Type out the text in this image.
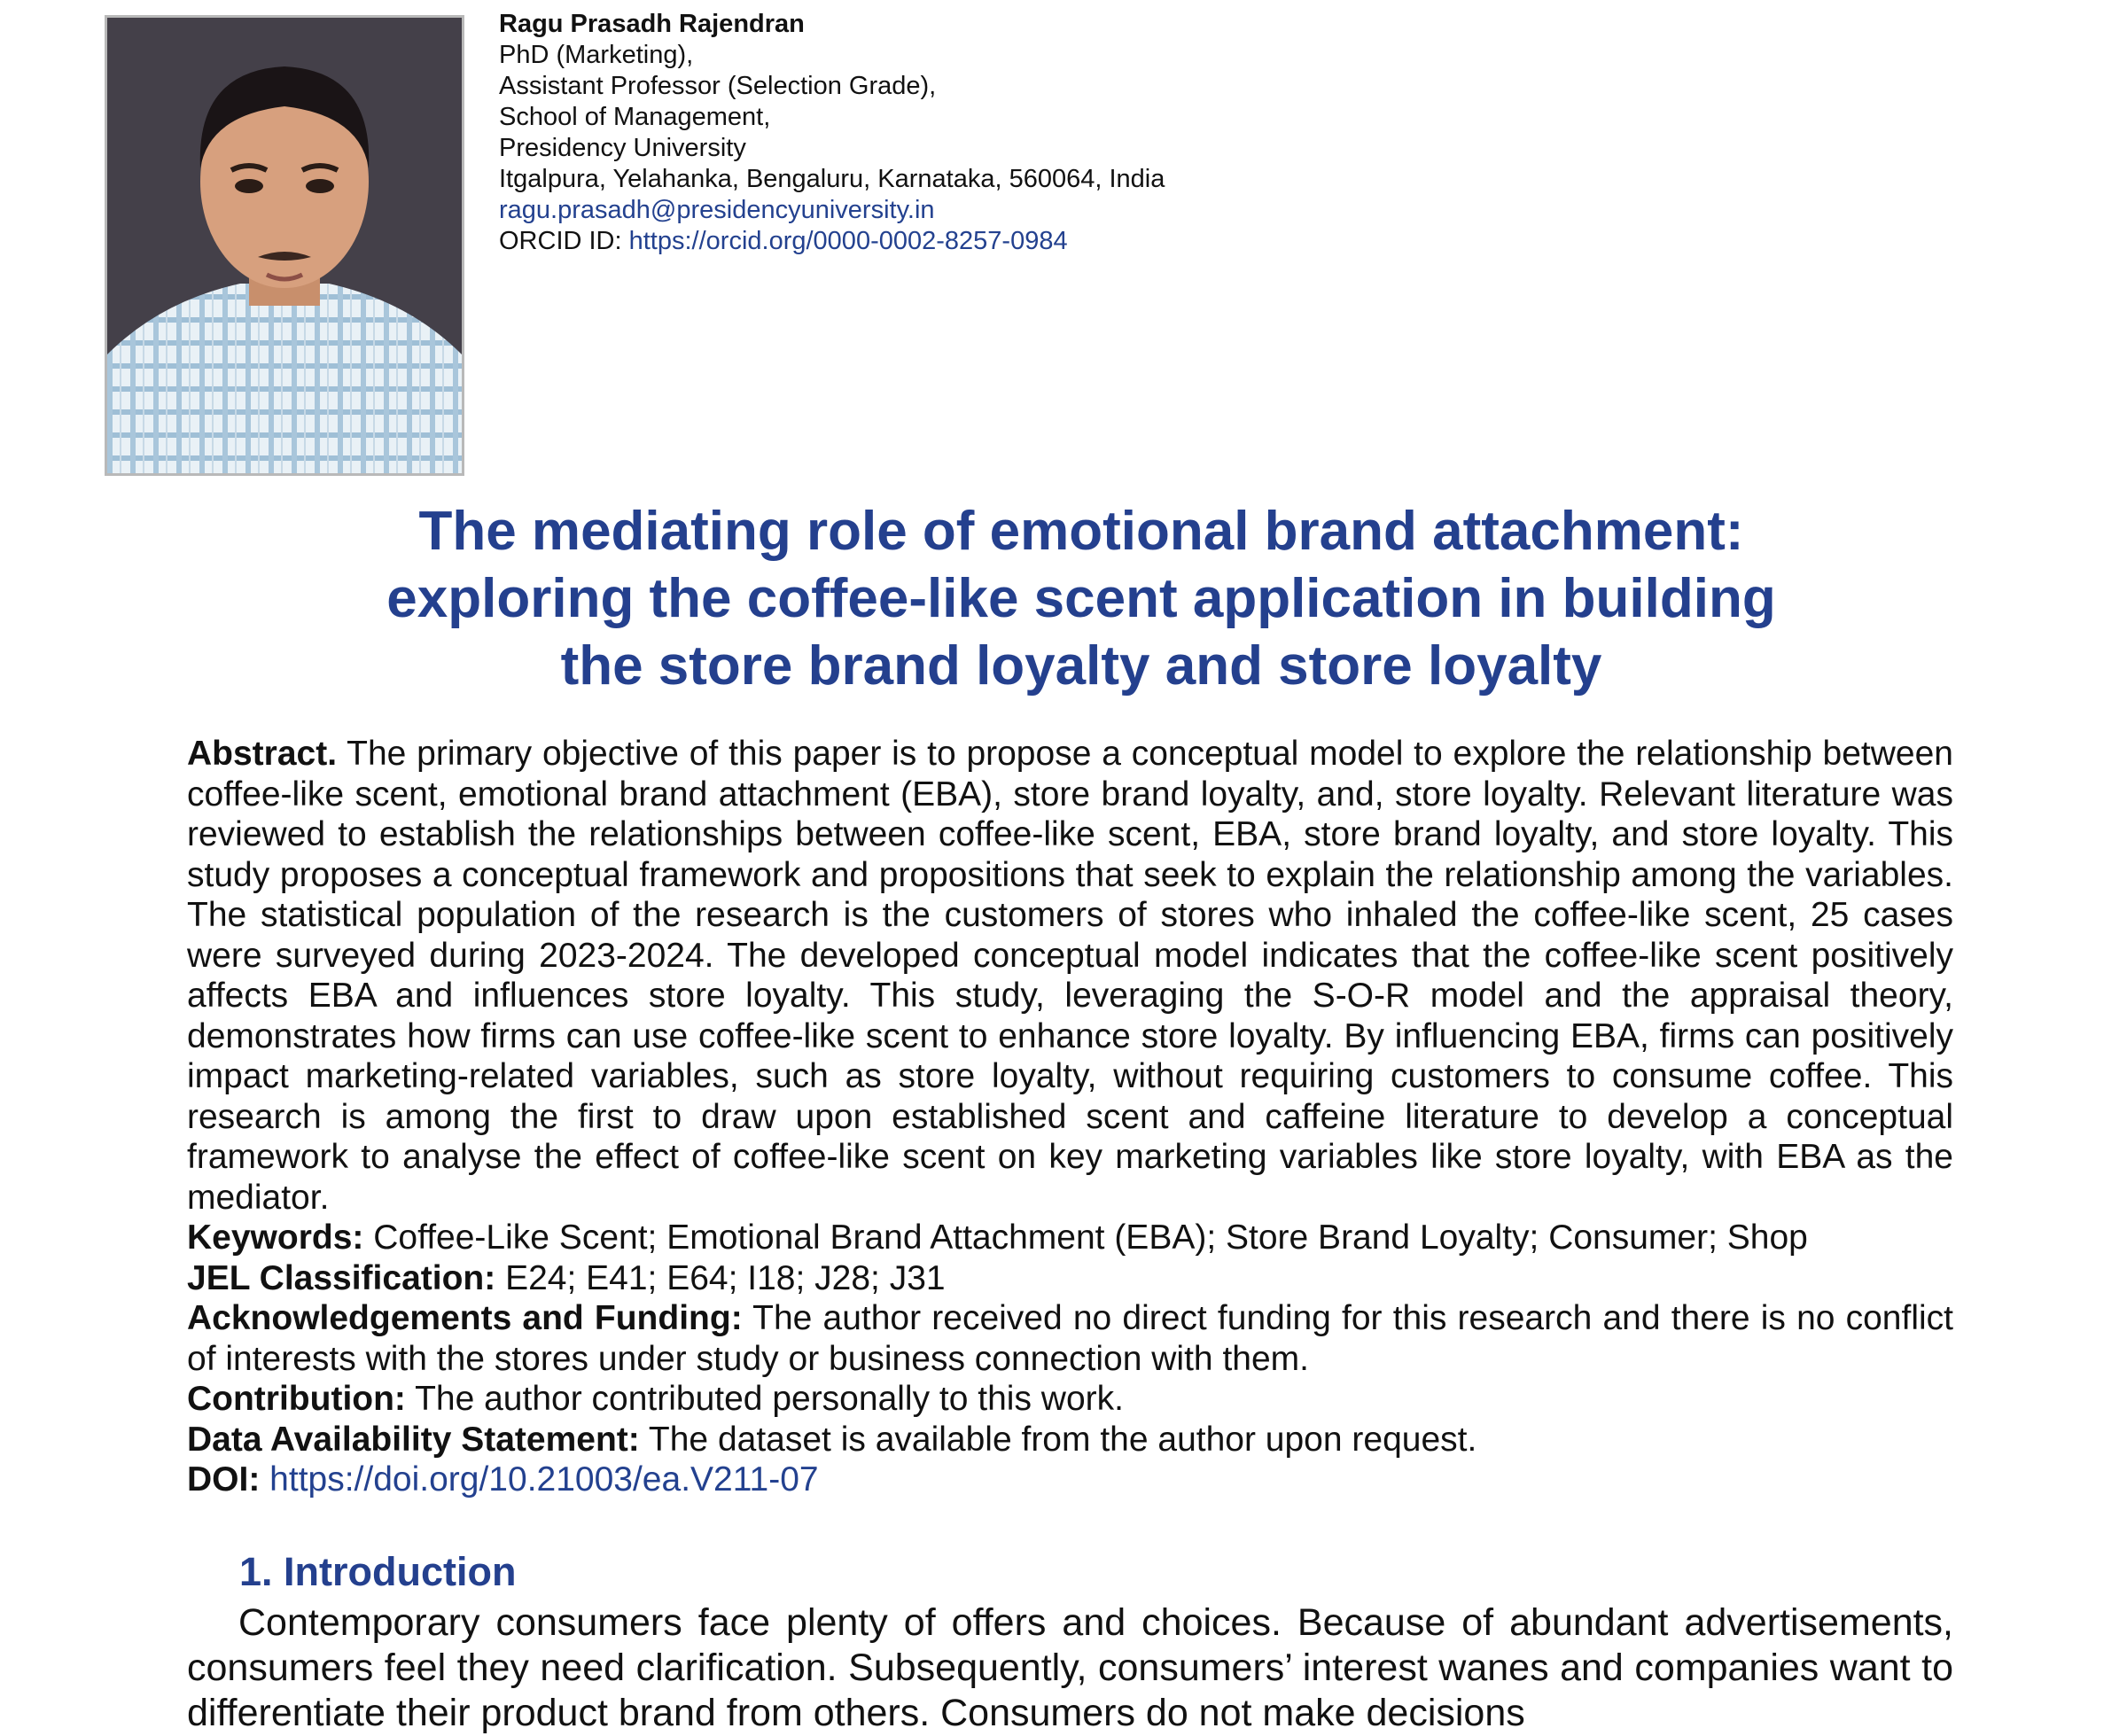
Ragu Prasadh Rajendran
PhD (Marketing),
Assistant Professor (Selection Grade),
School of Management,
Presidency University
Itgalpura, Yelahanka, Bengaluru, Karnataka, 560064, India
ragu.prasadh@presidencyuniversity.in
ORCID ID: https://orcid.org/0000-0002-8257-0984
The mediating role of emotional brand attachment:
exploring the coffee-like scent application in building
the store brand loyalty and store loyalty

Abstract. The primary objective of this paper is to propose a conceptual model to explore the relationship between coffee-like scent, emotional brand attachment (EBA), store brand loyalty, and, store loyalty. Relevant literature was reviewed to establish the relationships between coffee-like scent, EBA, store brand loyalty, and store loyalty. This study proposes a conceptual framework and propositions that seek to explain the relationship among the variables. The statistical population of the research is the customers of stores who inhaled the coffee-like scent, 25 cases were surveyed during 2023-2024. The developed conceptual model indicates that the coffee-like scent positively affects EBA and influences store loyalty. This study, leveraging the S-O-R model and the appraisal theory, demonstrates how firms can use coffee-like scent to enhance store loyalty. By influencing EBA, firms can positively impact marketing-related variables, such as store loyalty, without requiring customers to consume coffee. This research is among the first to draw upon established scent and caffeine literature to develop a conceptual framework to analyse the effect of coffee-like scent on key marketing variables like store loyalty, with EBA as the mediator.

Keywords: Coffee-Like Scent; Emotional Brand Attachment (EBA); Store Brand Loyalty; Consumer; Shop

JEL Classification: E24; E41; E64; I18; J28; J31

Acknowledgements and Funding: The author received no direct funding for this research and there is no conflict of interests with the stores under study or business connection with them.

Contribution: The author contributed personally to this work.

Data Availability Statement: The dataset is available from the author upon request.

DOI: https://doi.org/10.21003/ea.V211-07

1. Introduction
Contemporary consumers face plenty of offers and choices. Because of abundant advertisements, consumers feel they need clarification. Subsequently, consumers’ interest wanes and companies want to differentiate their product brand from others. Consumers do not make decisions
